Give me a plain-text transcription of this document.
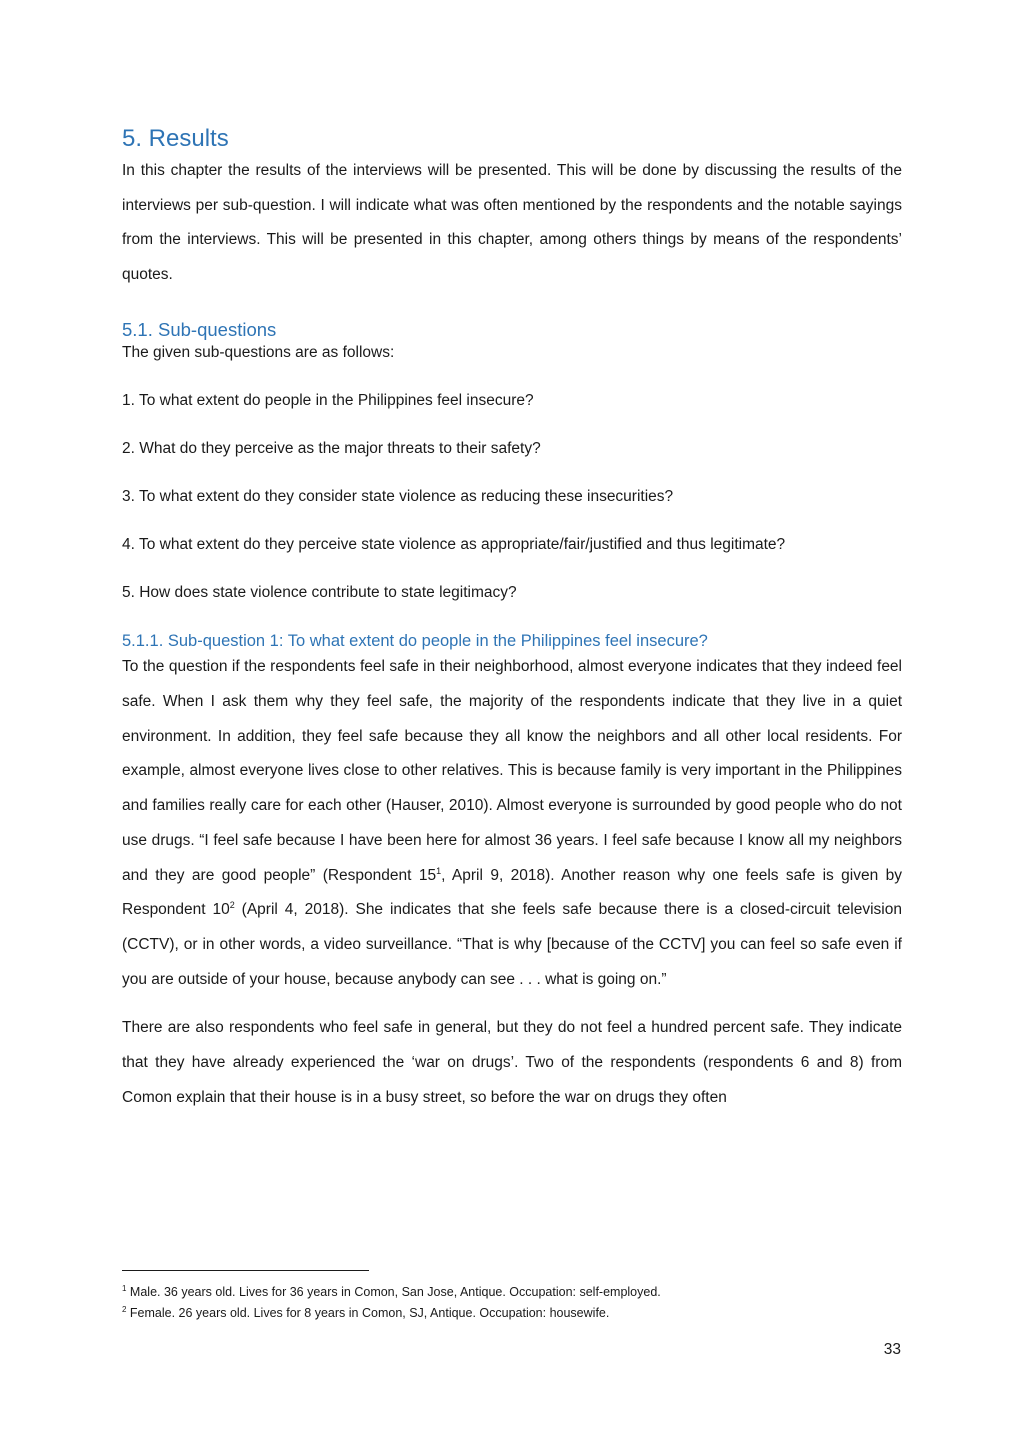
5. Results

In this chapter the results of the interviews will be presented. This will be done by discussing the results of the interviews per sub-question. I will indicate what was often mentioned by the respondents and the notable sayings from the interviews. This will be presented in this chapter, among others things by means of the respondents’ quotes.

5.1. Sub-questions

The given sub-questions are as follows:

1. To what extent do people in the Philippines feel insecure?

2. What do they perceive as the major threats to their safety?

3. To what extent do they consider state violence as reducing these insecurities?

4. To what extent do they perceive state violence as appropriate/fair/justified and thus legitimate?

5. How does state violence contribute to state legitimacy?

5.1.1. Sub-question 1: To what extent do people in the Philippines feel insecure?

To the question if the respondents feel safe in their neighborhood, almost everyone indicates that they indeed feel safe. When I ask them why they feel safe, the majority of the respondents indicate that they live in a quiet environment. In addition, they feel safe because they all know the neighbors and all other local residents. For example, almost everyone lives close to other relatives. This is because family is very important in the Philippines and families really care for each other (Hauser, 2010). Almost everyone is surrounded by good people who do not use drugs. “I feel safe because I have been here for almost 36 years. I feel safe because I know all my neighbors and they are good people” (Respondent $15^1$, April 9, 2018). Another reason why one feels safe is given by Respondent $10^2$ (April 4, 2018). She indicates that she feels safe because there is a closed-circuit television (CCTV), or in other words, a video surveillance. “That is why [because of the CCTV] you can feel so safe even if you are outside of your house, because anybody can see . . . what is going on.”

There are also respondents who feel safe in general, but they do not feel a hundred percent safe. They indicate that they have already experienced the ‘war on drugs’. Two of the respondents (respondents 6 and 8) from Comon explain that their house is in a busy street, so before the war on drugs they often

$^1$ Male. 36 years old. Lives for 36 years in Comon, San Jose, Antique. Occupation: self-employed.

$^2$ Female. 26 years old. Lives for 8 years in Comon, SJ, Antique. Occupation: housewife.

33
